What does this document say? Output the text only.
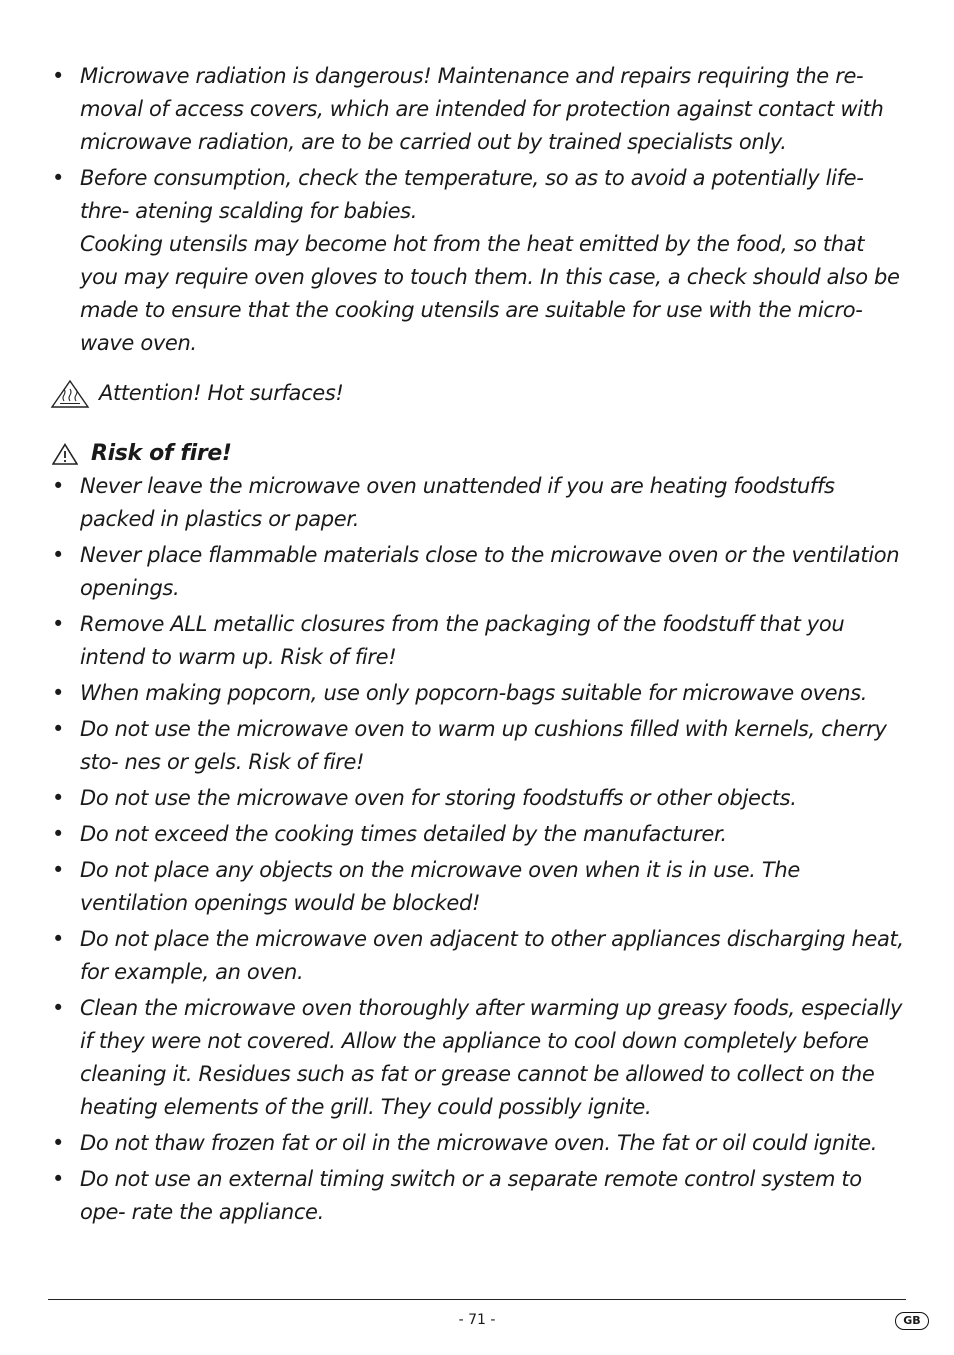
• Microwave radiation is dangerous! Maintenance and repairs requiring the re- moval of access covers, which are intended for protection against contact with microwave radiation, are to be carried out by trained specialists only.
• Before consumption, check the temperature, so as to avoid a potentially life-thre- atening scalding for babies.
Cooking utensils may become hot from the heat emitted by the food, so that you may require oven gloves to touch them. In this case, a check should also be made to ensure that the cooking utensils are suitable for use with the micro- wave oven.
Attention! Hot surfaces!
Risk of fire!
• Never leave the microwave oven unattended if you are heating foodstuffs packed in plastics or paper.
• Never place flammable materials close to the microwave oven or the ventilation openings.
• Remove ALL metallic closures from the packaging of the foodstuff that you intend to warm up. Risk of fire!
• When making popcorn, use only popcorn-bags suitable for microwave ovens.
• Do not use the microwave oven to warm up cushions filled with kernels, cherry sto- nes or gels. Risk of fire!
• Do not use the microwave oven for storing foodstuffs or other objects.
• Do not exceed the cooking times detailed by the manufacturer.
• Do not place any objects on the microwave oven when it is in use. The ventilation openings would be blocked!
• Do not place the microwave oven adjacent to other appliances discharging heat, for example, an oven.
• Clean the microwave oven thoroughly after warming up greasy foods, especially if they were not covered. Allow the appliance to cool down completely before cleaning it. Residues such as fat or grease cannot be allowed to collect on the heating elements of the grill. They could possibly ignite.
• Do not thaw frozen fat or oil in the microwave oven. The fat or oil could ignite.
• Do not use an external timing switch or a separate remote control system to ope- rate the appliance.
- 71 -	GB
